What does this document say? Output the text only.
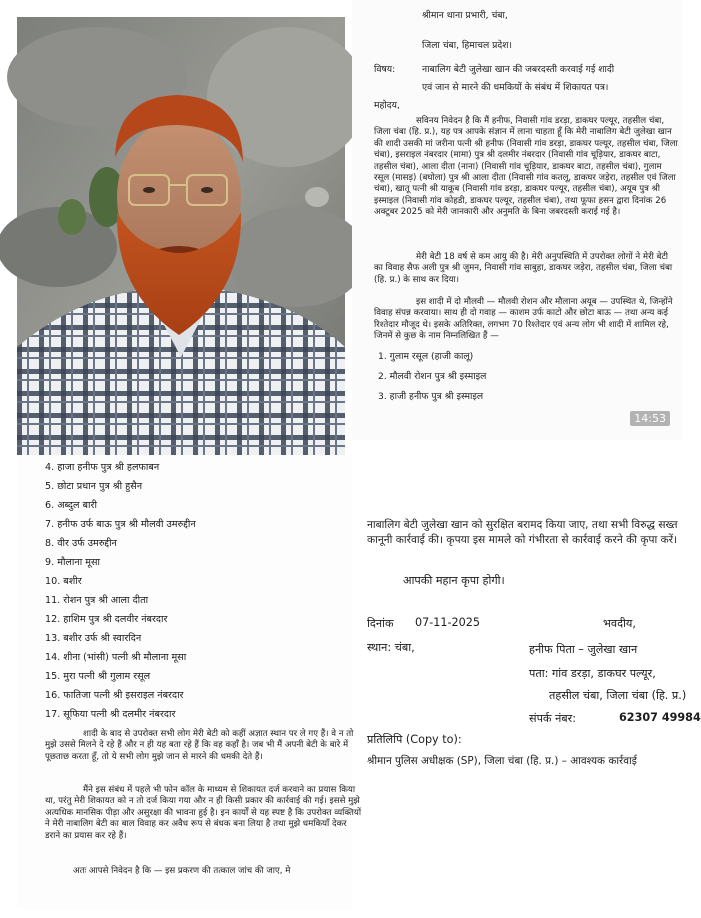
श्रीमान थाना प्रभारी, चंबा,
जिला चंबा, हिमाचल प्रदेश।
विषय:	नाबालिग बेटी जुलेखा खान की जबरदस्ती करवाई गई शादी
एवं जान से मारने की धमकियों के संबंध में शिकायत पत्र।
महोदय,
सविनय निवेदन है कि मैं हनीफ, निवासी गांव डरड़ा, डाकघर पल्यूर, तहसील चंबा, जिला चंबा (हि. प्र.), यह पत्र आपके संज्ञान में लाना चाहता हूँ कि मेरी नाबालिग बेटी जुलेखा खान की शादी उसकी मां जरीना पत्नी श्री हनीफ (निवासी गांव डरड़ा, डाकघर पल्यूर, तहसील चंबा, जिला चंबा), इसराइल नंबरदार (मामा) पुत्र श्री दलमीर नंबरदार (निवासी गांव चूड़ियार, डाकघर बाटा, तहसील चंबा), आला दीता (नाना) (निवासी गांव चूड़ियार, डाकघर बाटा, तहसील चंबा), गुलाम रसूल (मासड़) (बघोला) पुत्र श्री आला दीता (निवासी गांव कतलू, डाकघर जड़ेरा, तहसील एवं जिला चंबा), खातू पत्नी श्री याकूब (निवासी गांव डरड़ा, डाकघर पल्यूर, तहसील चंबा), अयूब पुत्र श्री इस्माइल (निवासी गांव कोहडी, डाकघर पल्यूर, तहसील चंबा), तथा फूफा हसन द्वारा दिनांक 26 अक्टूबर 2025 को मेरी जानकारी और अनुमति के बिना जबरदस्ती कराई गई है।
मेरी बेटी 18 वर्ष से कम आयु की है। मेरी अनुपस्थिति में उपरोक्त लोगों ने मेरी बेटी का विवाह सैफ अली पुत्र श्री जुमन, निवासी गांव साबुहा, डाकघर जड़ेरा, तहसील चंबा, जिला चंबा (हि. प्र.) के साथ कर दिया।
इस शादी में दो मौलवी — मौलवी रोशन और मौलाना अयूब — उपस्थित थे, जिन्होंने विवाह संपन्न करवाया। साथ ही दो गवाह — काशम उर्फ काटो और छोटा बाऊ — तथा अन्य कई रिश्तेदार मौजूद थे। इसके अतिरिक्त, लगभग 70 रिश्तेदार एवं अन्य लोग भी शादी में शामिल रहे, जिनमें से कुछ के नाम निम्नलिखित हैं —
1. गुलाम रसूल (हाजी कालू)
2. मौलवी रोशन पुत्र श्री इस्माइल
3. हाजी हनीफ पुत्र श्री इस्माइल
14:53
4. हाजा हनीफ पुत्र श्री हलफाबन
5. छोटा प्रधान पुत्र श्री हुसैन
6. अब्दुल बारी
7. हनीफ उर्फ बाऊ पुत्र श्री मौलवी उमरुद्दीन
8. वीर उर्फ उमरुद्दीन
9. मौलाना मूसा
10. बशीर
11. रोशन पुत्र श्री आला दीता
12. हाशिम पुत्र श्री दलवीर नंबरदार
13. बशीर उर्फ श्री स्वारदिन
14. शीना (भांसी) पत्नी श्री मौलाना मूसा
15. मुरा पत्नी श्री गुलाम रसूल
16. फातिजा पत्नी श्री इसराइल नंबरदार
17. सूफिया पत्नी श्री दलमीर नंबरदार
शादी के बाद से उपरोक्त सभी लोग मेरी बेटी को कहीं अज्ञात स्थान पर ले गए हैं। वे न तो मुझे उससे मिलने दे रहे हैं और न ही यह बता रहे हैं कि वह कहाँ है। जब भी मैं अपनी बेटी के बारे में पूछताछ करता हूँ, तो ये सभी लोग मुझे जान से मारने की धमकी देते हैं।
मैंने इस संबंध में पहले भी फोन कॉल के माध्यम से शिकायत दर्ज करवाने का प्रयास किया था, परंतु मेरी शिकायत को न तो दर्ज किया गया और न ही किसी प्रकार की कार्रवाई की गई। इससे मुझे अत्यधिक मानसिक पीड़ा और असुरक्षा की भावना हुई है। इन कार्यों से यह स्पष्ट है कि उपरोक्त व्यक्तियों ने मेरी नाबालिग बेटी का बाल विवाह कर अवैध रूप से बंधक बना लिया है तथा मुझे धमकियाँ देकर डराने का प्रयास कर रहे हैं।
अतः आपसे निवेदन है कि — इस प्रकरण की तत्काल जांच की जाए, मे
नाबालिग बेटी जुलेखा खान को सुरक्षित बरामद किया जाए, तथा सभी विरुद्ध सख्त कानूनी कार्रवाई की। कृपया इस मामले को गंभीरता से कार्रवाई करने की कृपा करें।
आपकी महान कृपा होगी।
दिनांक 07-11-2025	भवदीय,
स्थान: चंबा,	हनीफ पिता – जुलेखा खान
पता: गांव डरड़ा, डाकघर पल्यूर,
तहसील चंबा, जिला चंबा (हि. प्र.)
संपर्क नंबर:	62307 49984
प्रतिलिपि (Copy to):
श्रीमान पुलिस अधीक्षक (SP), जिला चंबा (हि. प्र.) – आवश्यक कार्रवाई
